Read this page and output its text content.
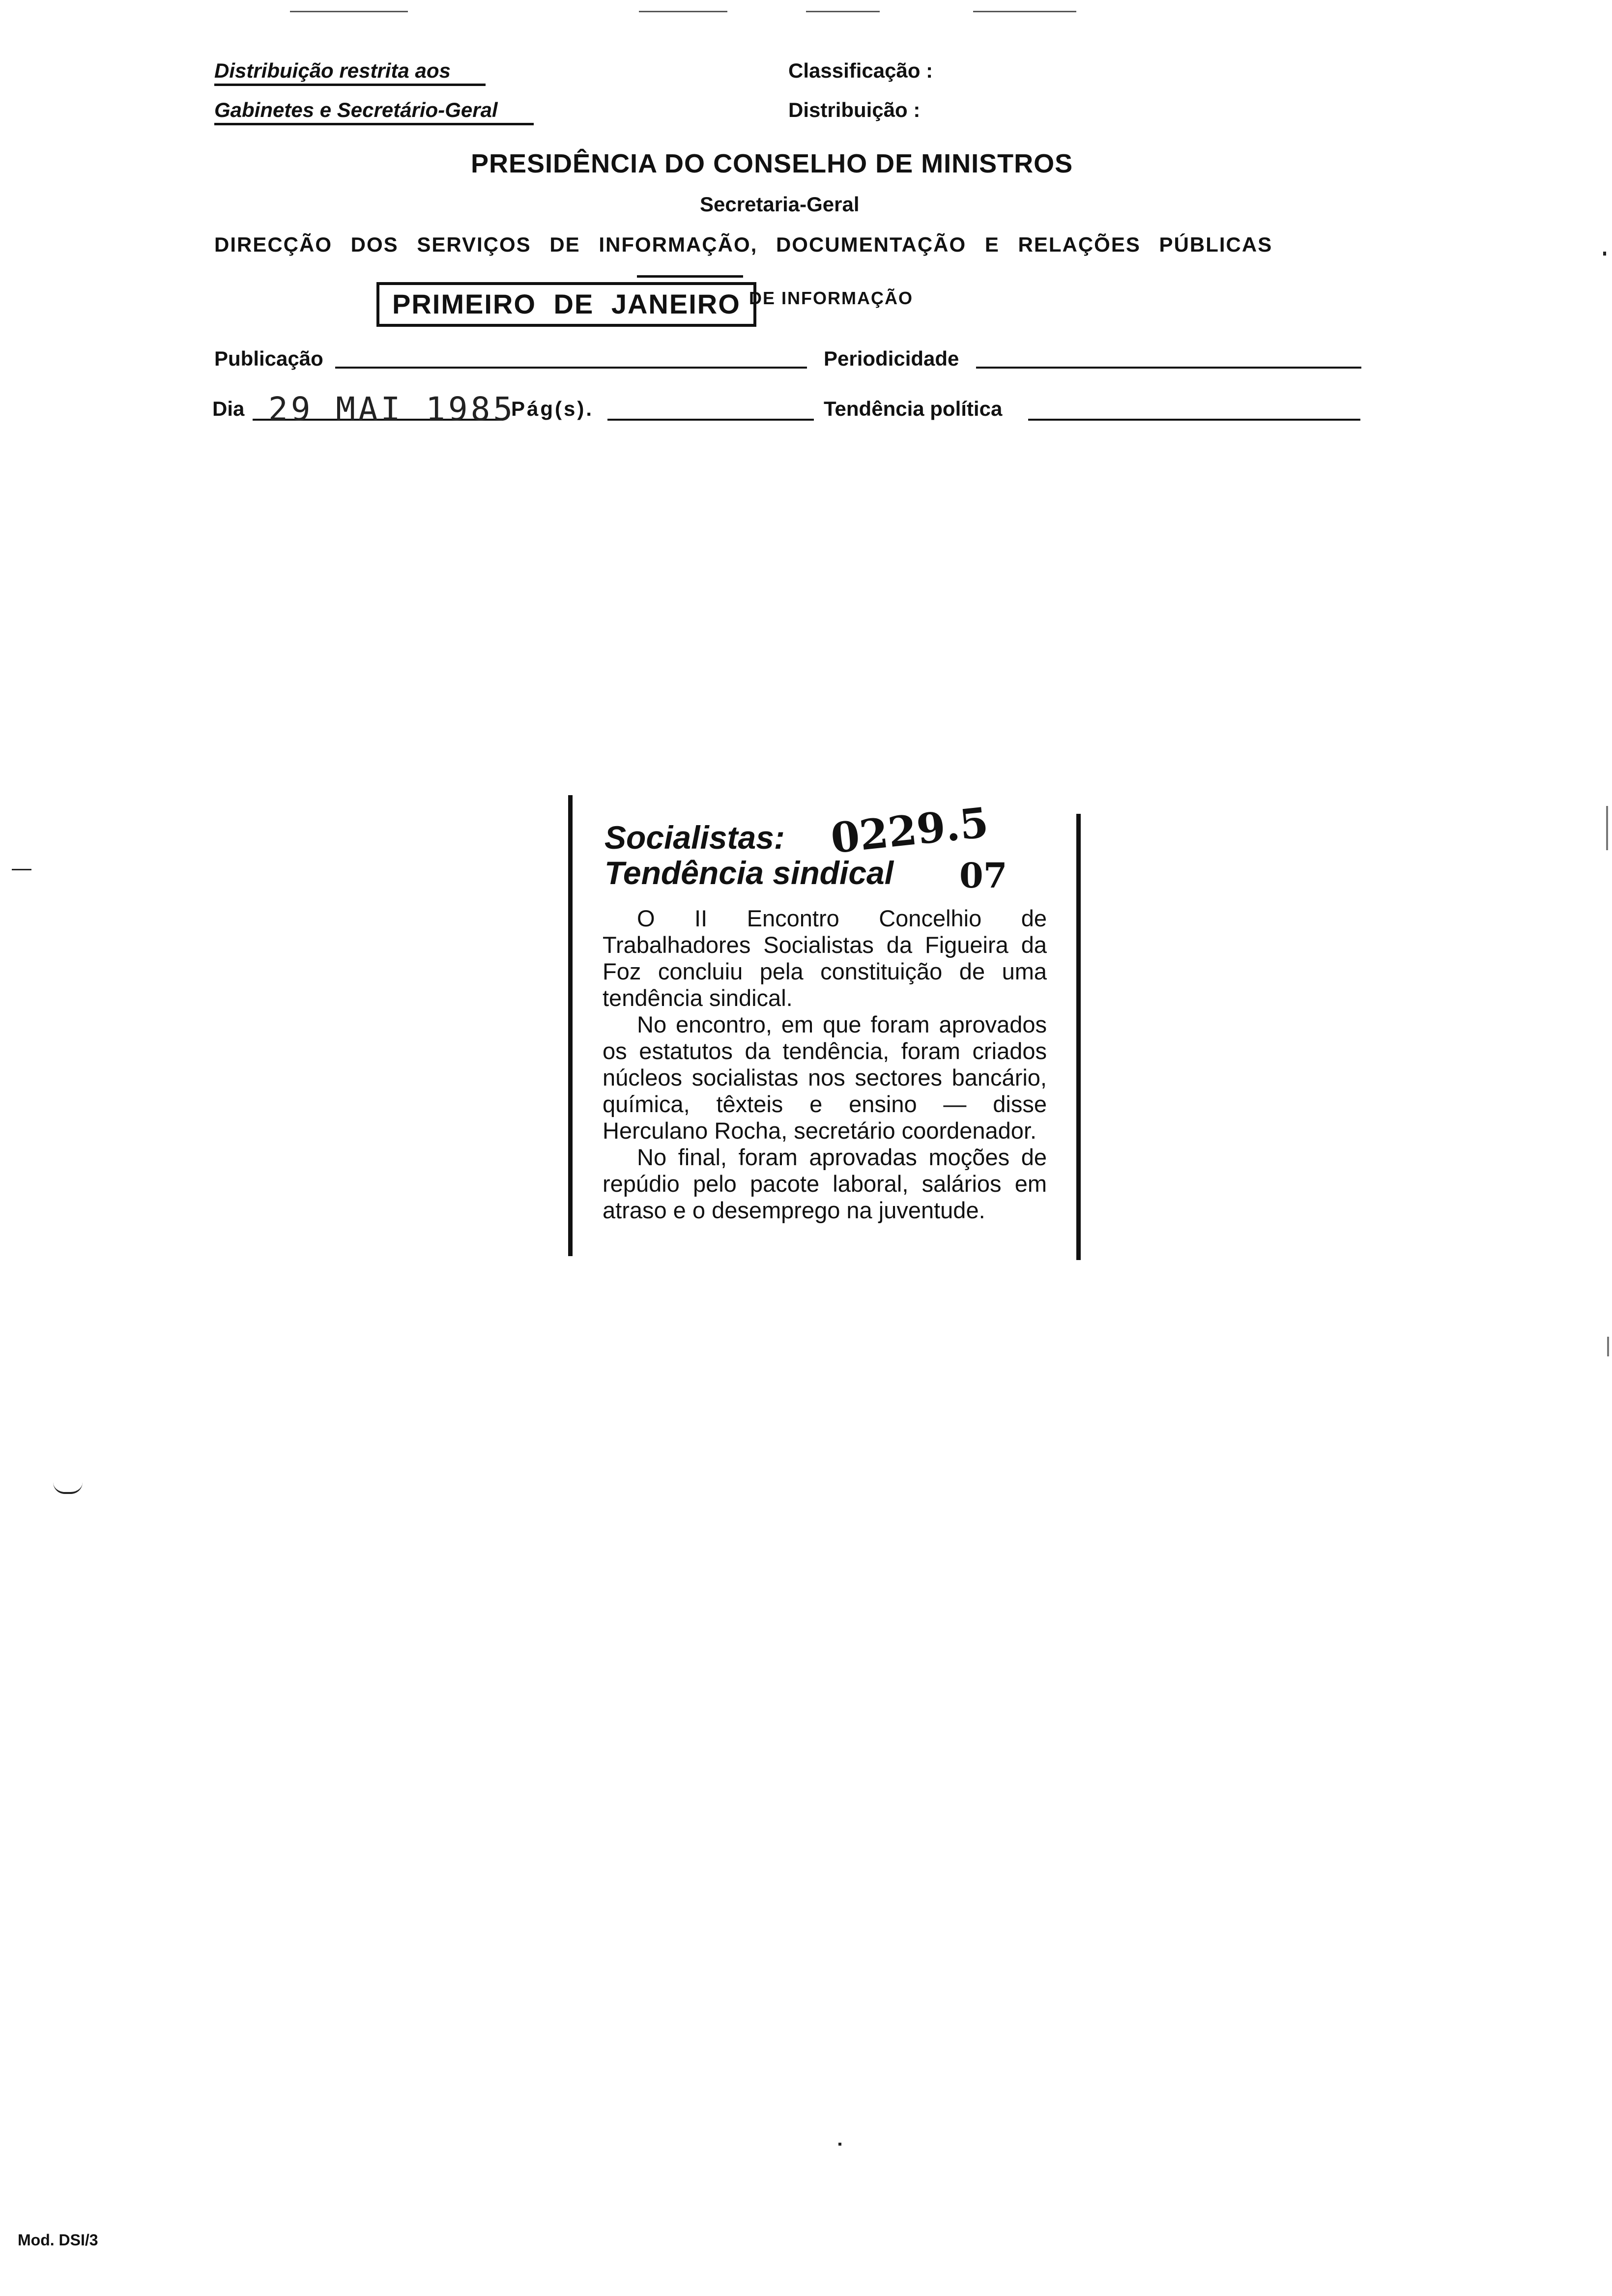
Distribuição restrita aos
Gabinetes e Secretário-Geral
Classificação :
Distribuição :
PRESIDÊNCIA DO CONSELHO DE MINISTROS
Secretaria-Geral
DIRECÇÃO DOS SERVIÇOS DE INFORMAÇÃO, DOCUMENTAÇÃO E RELAÇÕES PÚBLICAS
PRIMEIRO DE JANEIRO DE INFORMAÇÃO
Publicação	Periodicidade
Dia 29 MAI 1985
Pág(s).	Tendência política
Socialistas:
Tendência sindical
0229.5
07

O II Encontro Concelhio de Trabalhadores Socialistas da Figueira da Foz concluiu pela constituição de uma tendência sindical.

No encontro, em que foram aprovados os estatutos da tendência, foram criados núcleos socialistas nos sectores bancário, química, têxteis e ensino — disse Herculano Rocha, secretário coordenador.

No final, foram aprovadas moções de repúdio pelo pacote laboral, salários em atraso e o desemprego na juventude.

Mod. DSI/3
